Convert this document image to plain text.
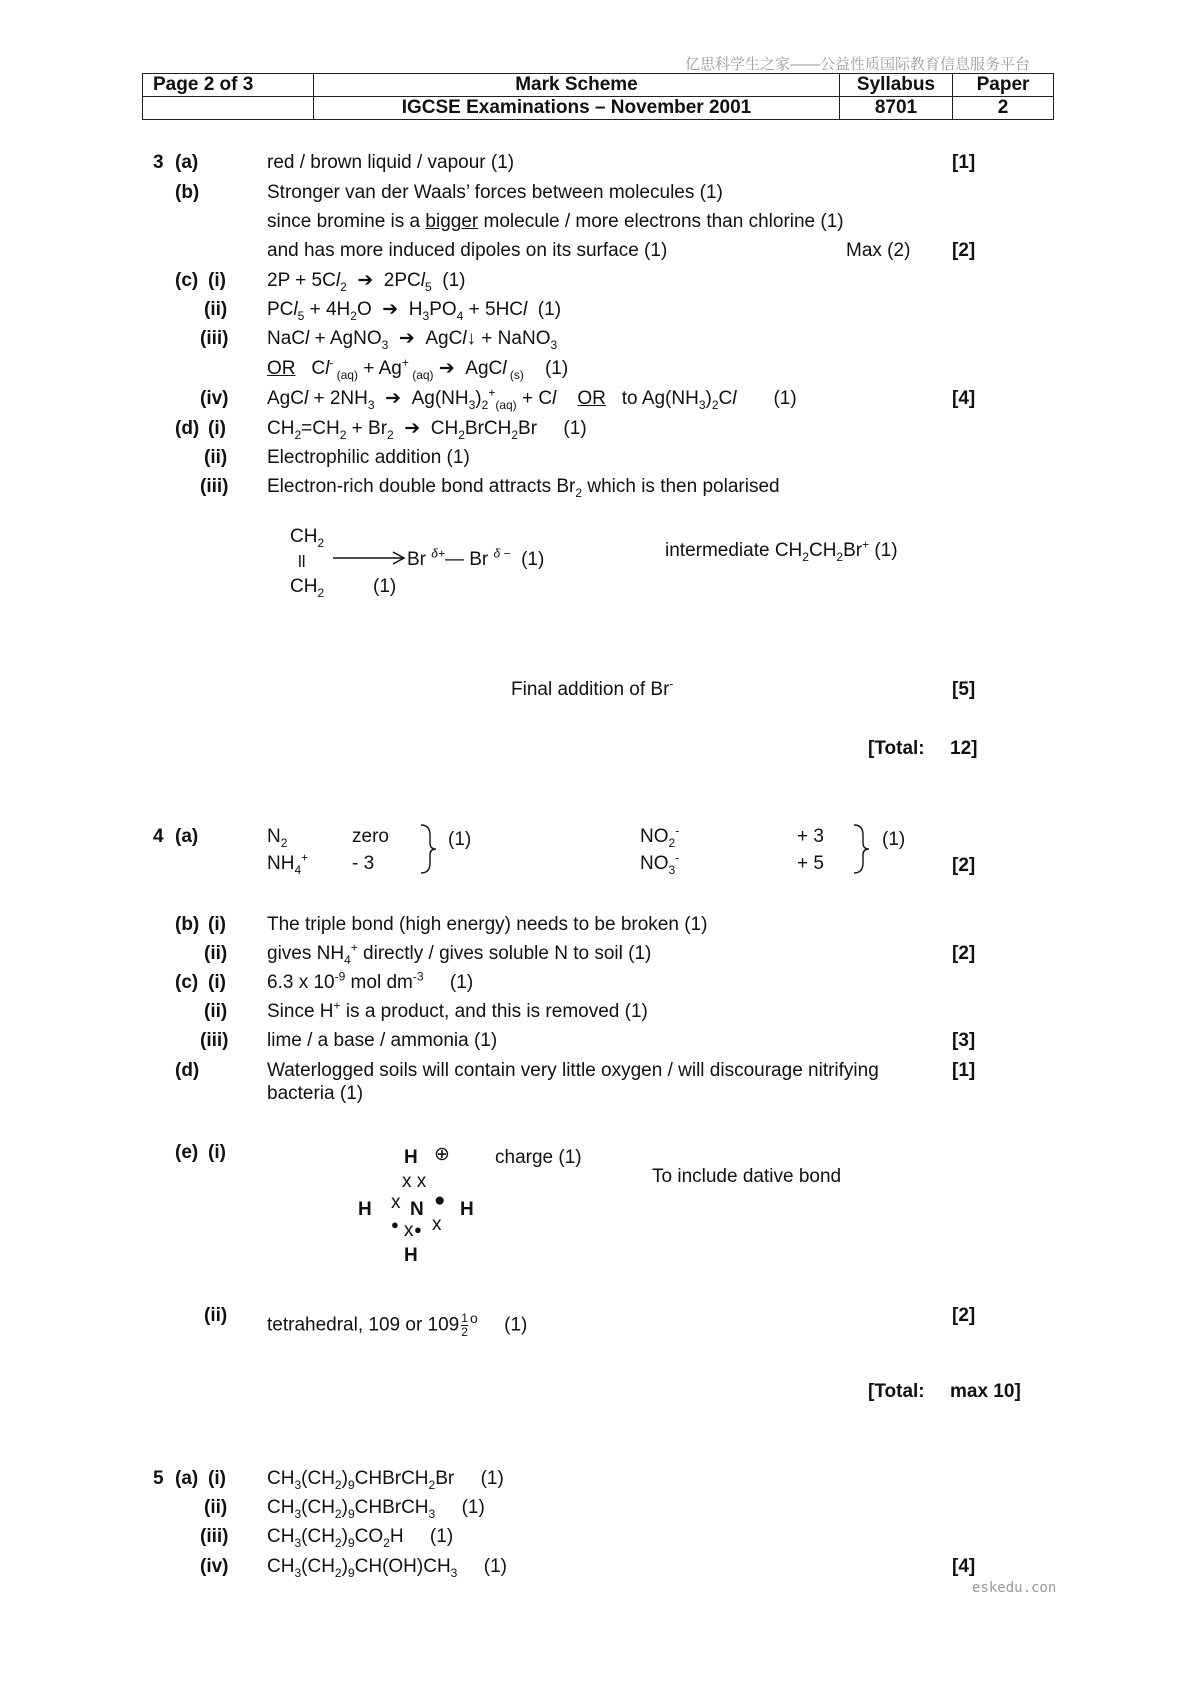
亿思科学生之家——公益性质国际教育信息服务平台
Page 2 of 3	Mark Scheme	Syllabus	Paper
	IGCSE Examinations – November 2001	8701	2
3 (a)	red / brown liquid / vapour (1)	[1]
(b)	Stronger van der Waals’ forces between molecules (1)
since bromine is a bigger molecule / more electrons than chlorine (1)
and has more induced dipoles on its surface (1)	Max (2) [2]
(c) (i) $2P + 5Cl_2$  ➔  2PCl$_5$  (1)
(ii) $PCl_5 + 4H_2O$  ➔  $H_3PO_4 + 5HCl$  (1)
(iii) NaCl + AgNO$_3$  ➔  AgCl↓ + NaNO$_3$
OR   Cl- $_{(aq)}$ + Ag+ $_{(aq)}$ ➔  AgCl $_{(s)}$    (1)
(iv) AgCl + $2NH_3$  ➔  $Ag(NH_3)_2^+_{(aq)} + Cl$ OR   to $Ag(NH_3)_2Cl$       (1)	[4]
(d) (i) $CH_2=CH_2 + Br_2$  ➔  $CH_2BrCH_2Br$     (1)
(ii) Electrophilic addition (1)
(iii) Electron-rich double bond attracts $Br_2$ which is then polarised
$CH_2$
ll
$CH_2$
Br $^{\delta+}$— Br $^{\delta -}$ (1)
(1)
intermediate $CH_2CH_2Br^+$ (1)
Final addition of Br-	[5]
[Total: 12]
4 (a)	$N_2$	zero
$NH_4^+ - 3$
(1)	$NO_2^-$	+ 3
$NO_3^-$	+ 5
(1)
[2]
(b) (i) The triple bond (high energy) needs to be broken (1)
(ii) gives $NH_4^+$ directly / gives soluble N to soil (1)	[2]
(c) (i) 6.3 x $10^{-9}$ mol $dm^{-3}$     (1)
(ii) Since H+ is a product, and this is removed (1)
(iii) lime / a base / ammonia (1)	[3]
(d)	Waterlogged soils will contain very little oxygen / will discourage nitrifying
bacteria (1)
[1]
(e) (i)	H ⊕
x x
H x N ● H
● x ● x
H
charge (1)
To include dative bond
(ii) tetrahedral, 109 or $109 \frac{1}{2} ^o$ (1)	[2]
[Total: max 10]
5 (a) (i) $CH_3(CH_2)_9CHBrCH_2Br$     (1)
(ii) $CH_3(CH_2)_9CHBrCH_3$     (1)
(iii) $CH_3(CH_2)_9CO_2H$     (1)
(iv) $CH_3(CH_2)_9CH(OH)CH_3$     (1)	[4]
eskedu.con
